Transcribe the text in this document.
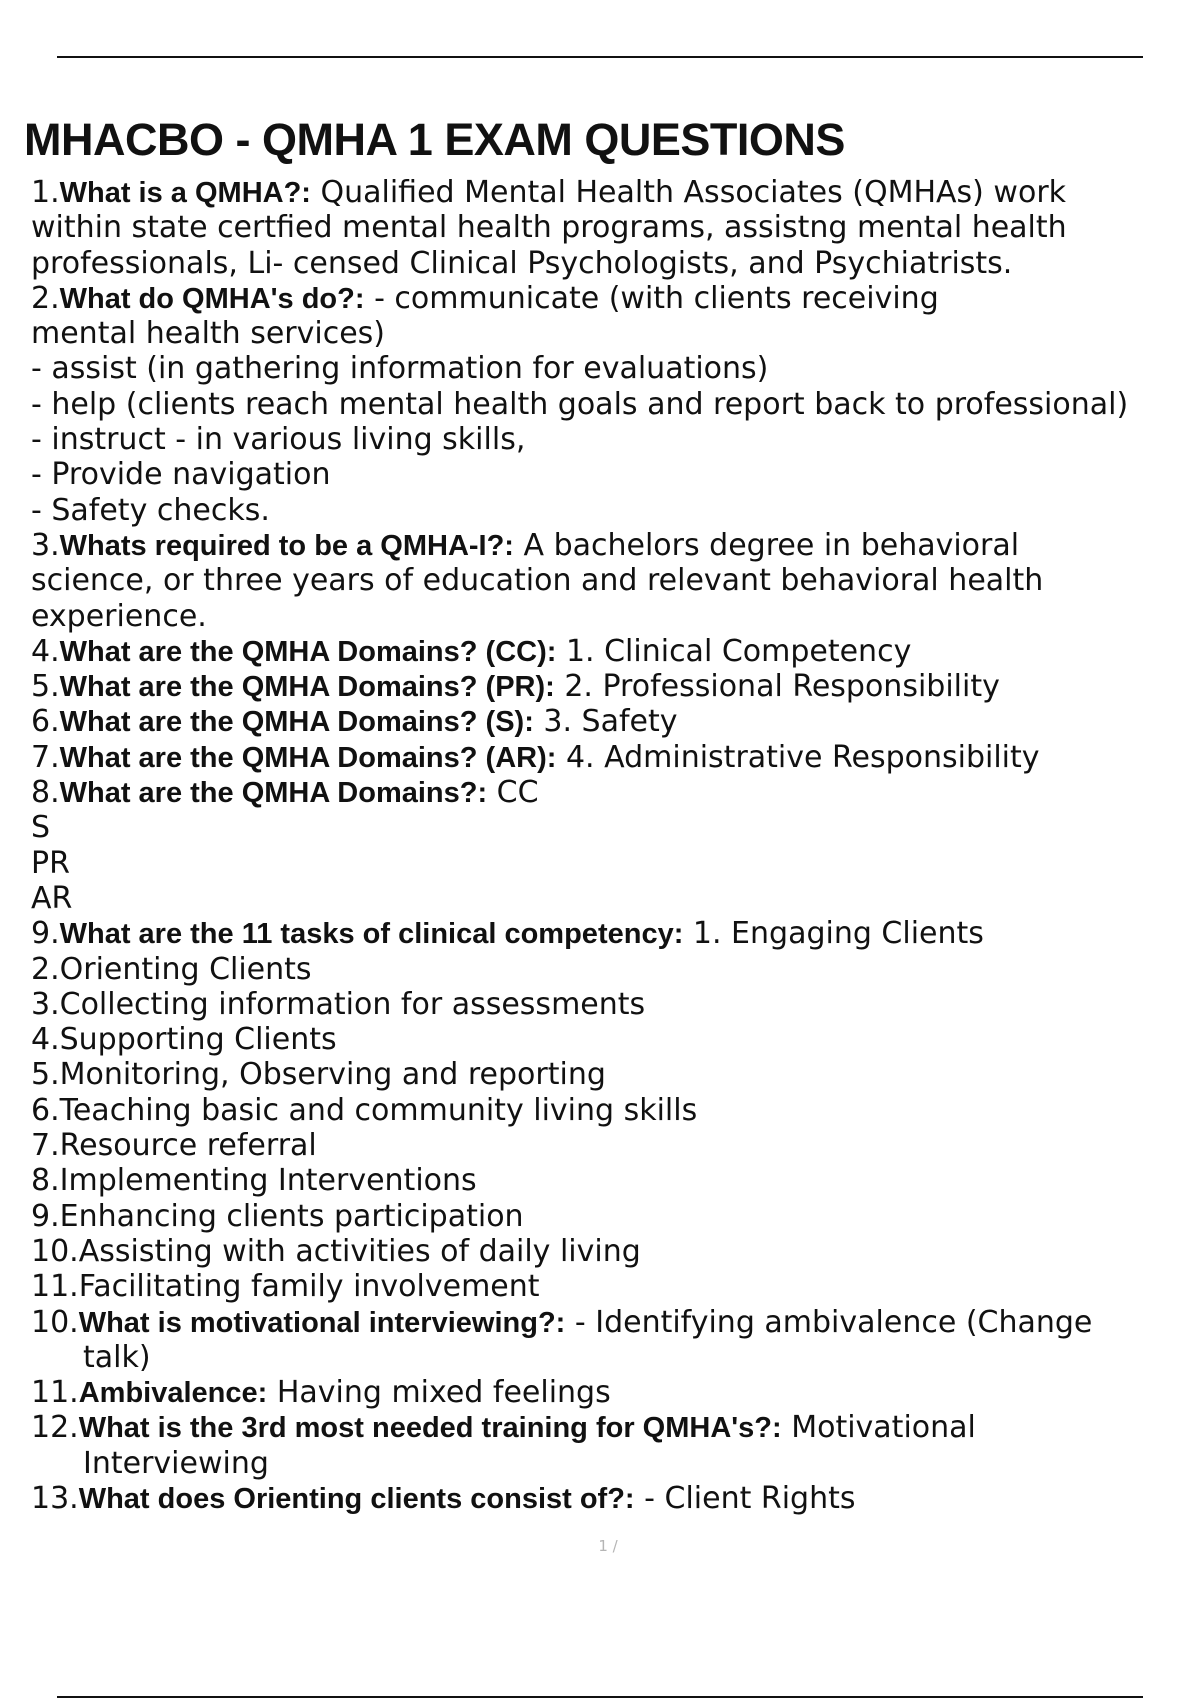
MHACBO - QMHA 1 EXAM QUESTIONS
1.What is a QMHA?: Qualified Mental Health Associates (QMHAs) work
within state certfied mental health programs, assistng mental health
professionals, Li- censed Clinical Psychologists, and Psychiatrists.
2.What do QMHA's do?: - communicate (with clients receiving
mental health services)
- assist (in gathering information for evaluations)
- help (clients reach mental health goals and report back to professional)
- instruct - in various living skills,
- Provide navigation
- Safety checks.
3.Whats required to be a QMHA-I?: A bachelors degree in behavioral
science, or three years of education and relevant behavioral health
experience.
4.What are the QMHA Domains? (CC): 1. Clinical Competency
5.What are the QMHA Domains? (PR): 2. Professional Responsibility
6.What are the QMHA Domains? (S): 3. Safety
7.What are the QMHA Domains? (AR): 4. Administrative Responsibility
8.What are the QMHA Domains?: CC
S
PR
AR
9.What are the 11 tasks of clinical competency: 1. Engaging Clients
2.Orienting Clients
3.Collecting information for assessments
4.Supporting Clients
5.Monitoring, Observing and reporting
6.Teaching basic and community living skills
7.Resource referral
8.Implementing Interventions
9.Enhancing clients participation
10.Assisting with activities of daily living
11.Facilitating family involvement
10.What is motivational interviewing?: - Identifying ambivalence (Change
talk)
11.Ambivalence: Having mixed feelings
12.What is the 3rd most needed training for QMHA's?: Motivational
Interviewing
13.What does Orienting clients consist of?: - Client Rights
1 /
